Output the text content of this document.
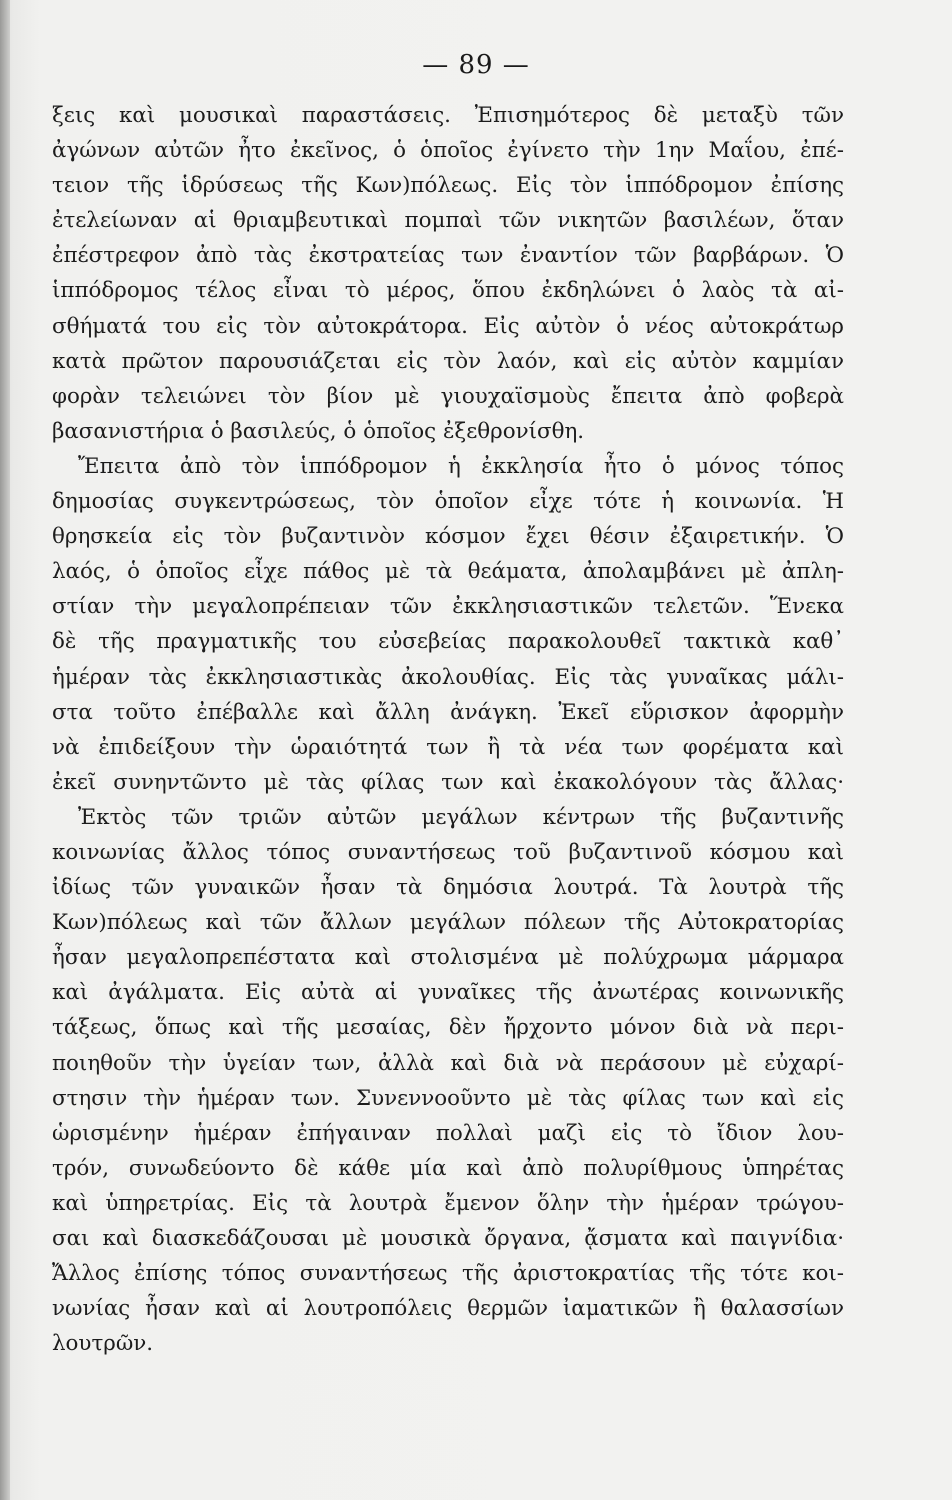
— 89 —
ξεις καὶ μουσικαὶ παραστάσεις. Ἐπισημότερος δὲ μεταξὺ τῶν
ἀγώνων αὐτῶν ἦτο ἐκεῖνος, ὁ ὁποῖος ἐγίνετο τὴν 1ην Μαΐου, ἐπέ-
τειον τῆς ἱδρύσεως τῆς Κων)πόλεως. Εἰς τὸν ἱππόδρομον ἐπίσης
ἐτελείωναν αἱ θριαμβευτικαὶ πομπαὶ τῶν νικητῶν βασιλέων, ὅταν
ἐπέστρεφον ἀπὸ τὰς ἐκστρατείας των ἐναντίον τῶν βαρβάρων. Ὁ
ἱππόδρομος τέλος εἶναι τὸ μέρος, ὅπου ἐκδηλώνει ὁ λαὸς τὰ αἰ-
σθήματά του εἰς τὸν αὐτοκράτορα. Εἰς αὐτὸν ὁ νέος αὐτοκράτωρ
κατὰ πρῶτον παρουσιάζεται εἰς τὸν λαόν, καὶ εἰς αὐτὸν καμμίαν
φορὰν τελειώνει τὸν βίον μὲ γιουχαϊσμοὺς ἔπειτα ἀπὸ φοβερὰ
βασανιστήρια ὁ βασιλεύς, ὁ ὁποῖος ἐξεθρονίσθη.
Ἔπειτα ἀπὸ τὸν ἱππόδρομον ἡ ἐκκλησία ἦτο ὁ μόνος τόπος
δημοσίας συγκεντρώσεως, τὸν ὁποῖον εἶχε τότε ἡ κοινωνία. Ἡ
θρησκεία εἰς τὸν βυζαντινὸν κόσμον ἔχει θέσιν ἐξαιρετικήν. Ὁ
λαός, ὁ ὁποῖος εἶχε πάθος μὲ τὰ θεάματα, ἀπολαμβάνει μὲ ἀπλη-
στίαν τὴν μεγαλοπρέπειαν τῶν ἐκκλησιαστικῶν τελετῶν. Ἕνεκα
δὲ τῆς πραγματικῆς του εὐσεβείας παρακολουθεῖ τακτικὰ καθ᾽
ἡμέραν τὰς ἐκκλησιαστικὰς ἀκολουθίας. Εἰς τὰς γυναῖκας μάλι-
στα τοῦτο ἐπέβαλλε καὶ ἄλλη ἀνάγκη. Ἐκεῖ εὕρισκον ἀφορμὴν
νὰ ἐπιδείξουν τὴν ὡραιότητά των ἢ τὰ νέα των φορέματα καὶ
ἐκεῖ συνηντῶντο μὲ τὰς φίλας των καὶ ἐκακολόγουν τὰς ἄλλας·
Ἐκτὸς τῶν τριῶν αὐτῶν μεγάλων κέντρων τῆς βυζαντινῆς
κοινωνίας ἄλλος τόπος συναντήσεως τοῦ βυζαντινοῦ κόσμου καὶ
ἰδίως τῶν γυναικῶν ἦσαν τὰ δημόσια λουτρά. Τὰ λουτρὰ τῆς
Κων)πόλεως καὶ τῶν ἄλλων μεγάλων πόλεων τῆς Αὐτοκρατορίας
ἦσαν μεγαλοπρεπέστατα καὶ στολισμένα μὲ πολύχρωμα μάρμαρα
καὶ ἀγάλματα. Εἰς αὐτὰ αἱ γυναῖκες τῆς ἀνωτέρας κοινωνικῆς
τάξεως, ὅπως καὶ τῆς μεσαίας, δὲν ἤρχοντο μόνον διὰ νὰ περι-
ποιηθοῦν τὴν ὑγείαν των, ἀλλὰ καὶ διὰ νὰ περάσουν μὲ εὐχαρί-
στησιν τὴν ἡμέραν των. Συνεννοοῦντο μὲ τὰς φίλας των καὶ εἰς
ὡρισμένην ἡμέραν ἐπήγαιναν πολλαὶ μαζὶ εἰς τὸ ἴδιον λου-
τρόν, συνωδεύοντο δὲ κάθε μία καὶ ἀπὸ πολυρίθμους ὑπηρέτας
καὶ ὑπηρετρίας. Εἰς τὰ λουτρὰ ἔμενον ὅλην τὴν ἡμέραν τρώγου-
σαι καὶ διασκεδάζουσαι μὲ μουσικὰ ὄργανα, ᾄσματα καὶ παιγνίδια·
Ἄλλος ἐπίσης τόπος συναντήσεως τῆς ἀριστοκρατίας τῆς τότε κοι-
νωνίας ἦσαν καὶ αἱ λουτροπόλεις θερμῶν ἰαματικῶν ἢ θαλασσίων
λουτρῶν.
